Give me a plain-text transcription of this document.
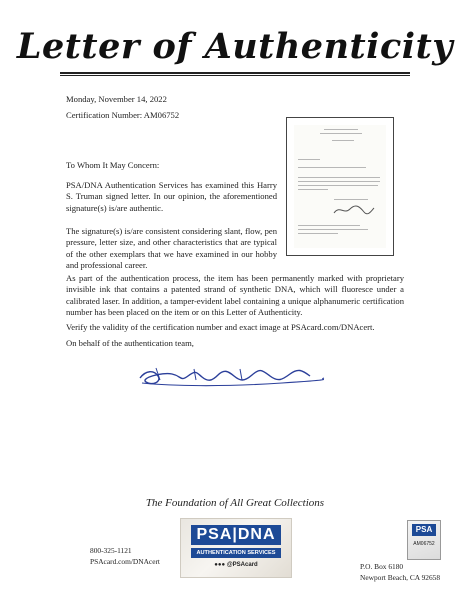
Letter of Authenticity
Monday, November 14, 2022
Certification Number: AM06752
To Whom It May Concern:
PSA/DNA Authentication Services has examined this Harry S. Truman signed letter. In our opinion, the aforementioned signature(s) is/are authentic.
The signature(s) is/are consistent considering slant, flow, pen pressure, letter size, and other characteristics that are typical of the other exemplars that we have examined in our hobby and professional career.
As part of the authentication process, the item has been permanently marked with proprietary invisible ink that contains a patented strand of synthetic DNA, which will fluoresce under a calibrated laser. In addition, a tamper-evident label containing a unique alphanumeric certification number has been placed on the item or on this Letter of Authenticity.
Verify the validity of the certification number and exact image at PSAcard.com/DNAcert.
On behalf of the authentication team,
The Foundation of All Great Collections
800-325-1121
PSAcard.com/DNAcert
PSA|DNA
AUTHENTICATION SERVICES
●●● @PSAcard
PSA
AM06752
P.O. Box 6180
Newport Beach, CA 92658
